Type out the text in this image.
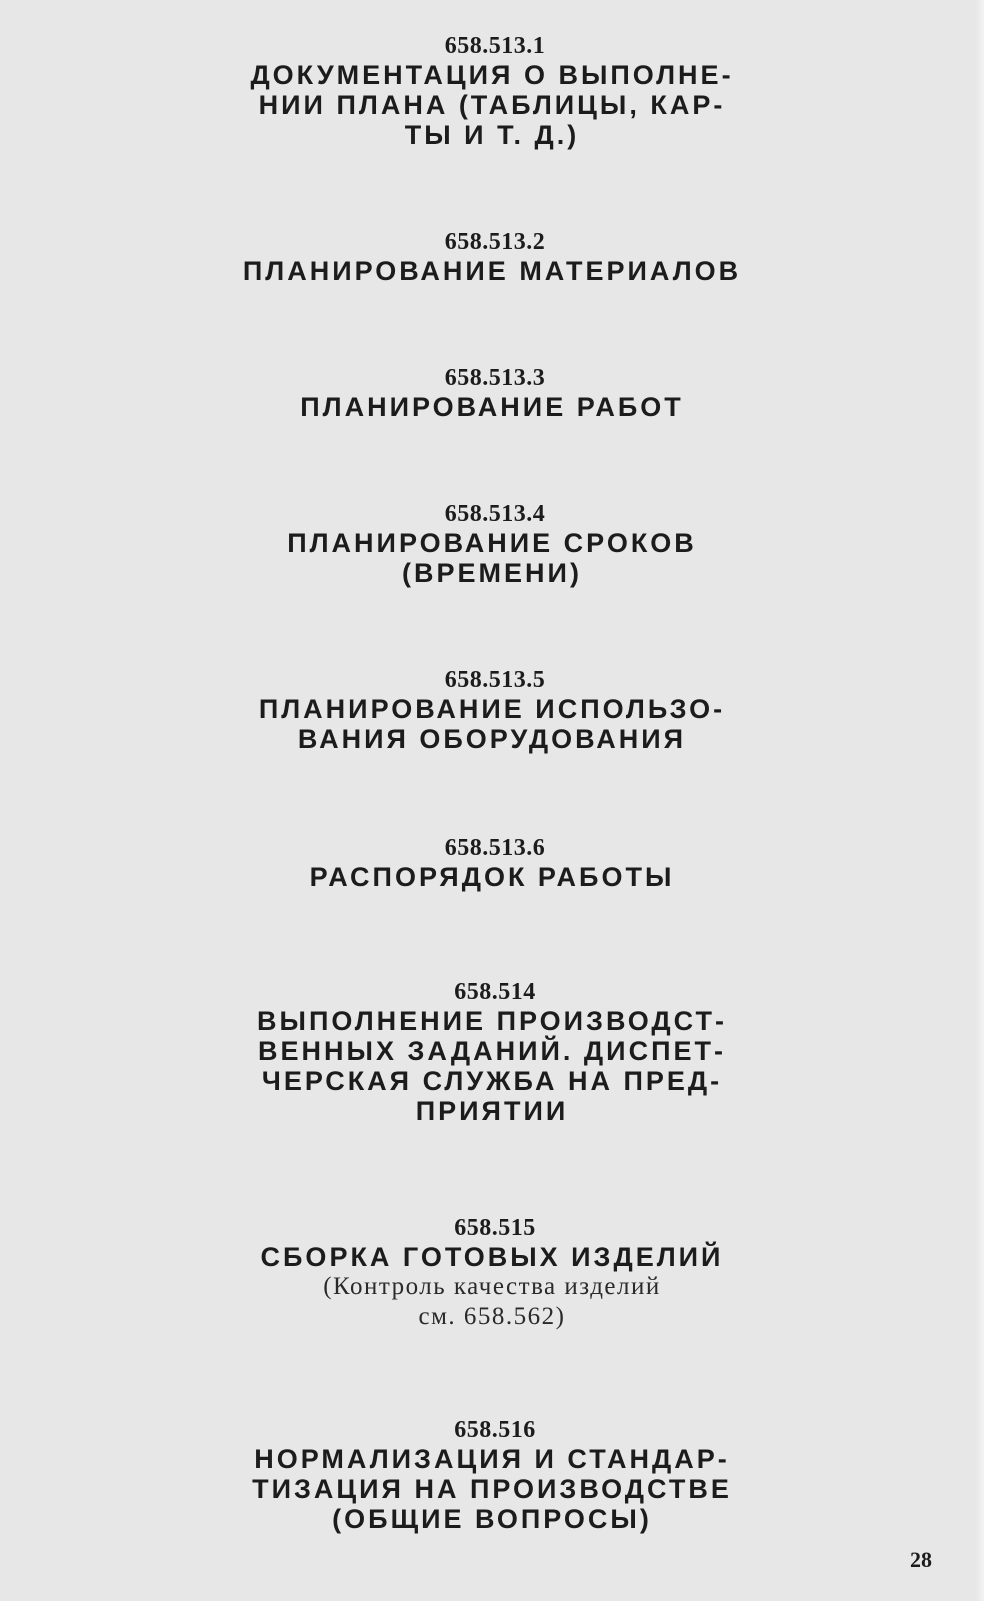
658.513.1
ДОКУМЕНТАЦИЯ О ВЫПОЛНЕ-
НИИ ПЛАНА (ТАБЛИЦЫ, КАР-
ТЫ И Т. Д.)
658.513.2
ПЛАНИРОВАНИЕ МАТЕРИАЛОВ
658.513.3
ПЛАНИРОВАНИЕ РАБОТ
658.513.4
ПЛАНИРОВАНИЕ СРОКОВ
(ВРЕМЕНИ)
658.513.5
ПЛАНИРОВАНИЕ ИСПОЛЬЗО-
ВАНИЯ ОБОРУДОВАНИЯ
658.513.6
РАСПОРЯДОК РАБОТЫ
658.514
ВЫПОЛНЕНИЕ ПРОИЗВОДСТ-
ВЕННЫХ ЗАДАНИЙ. ДИСПЕТ-
ЧЕРСКАЯ СЛУЖБА НА ПРЕД-
ПРИЯТИИ
658.515
СБОРКА ГОТОВЫХ ИЗДЕЛИЙ
(Контроль качества изделий
см. 658.562)
658.516
НОРМАЛИЗАЦИЯ И СТАНДАР-
ТИЗАЦИЯ НА ПРОИЗВОДСТВЕ
(ОБЩИЕ ВОПРОСЫ)
28
